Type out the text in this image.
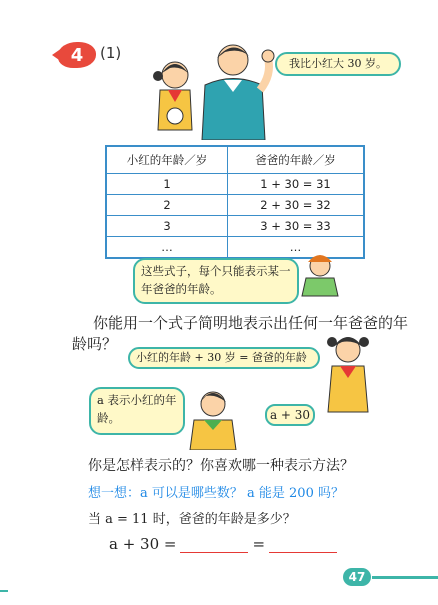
4	(1)
我比小红大 30 岁。
小红的年龄／岁	爸爸的年龄／岁
1	1 + 30 = 31
2	2 + 30 = 32
3	3 + 30 = 33
…	…
这些式子，每个只能表示某一年爸爸的年龄。
你能用一个式子简明地表示出任何一年爸爸的年
龄吗？
小红的年龄 + 30 岁 = 爸爸的年龄
a 表示小红的年龄。	a + 30
你是怎样表示的？你喜欢哪一种表示方法？
想一想：a 可以是哪些数？ a 能是 200 吗？
当 a = 11 时，爸爸的年龄是多少？
a + 30 =	=
47
